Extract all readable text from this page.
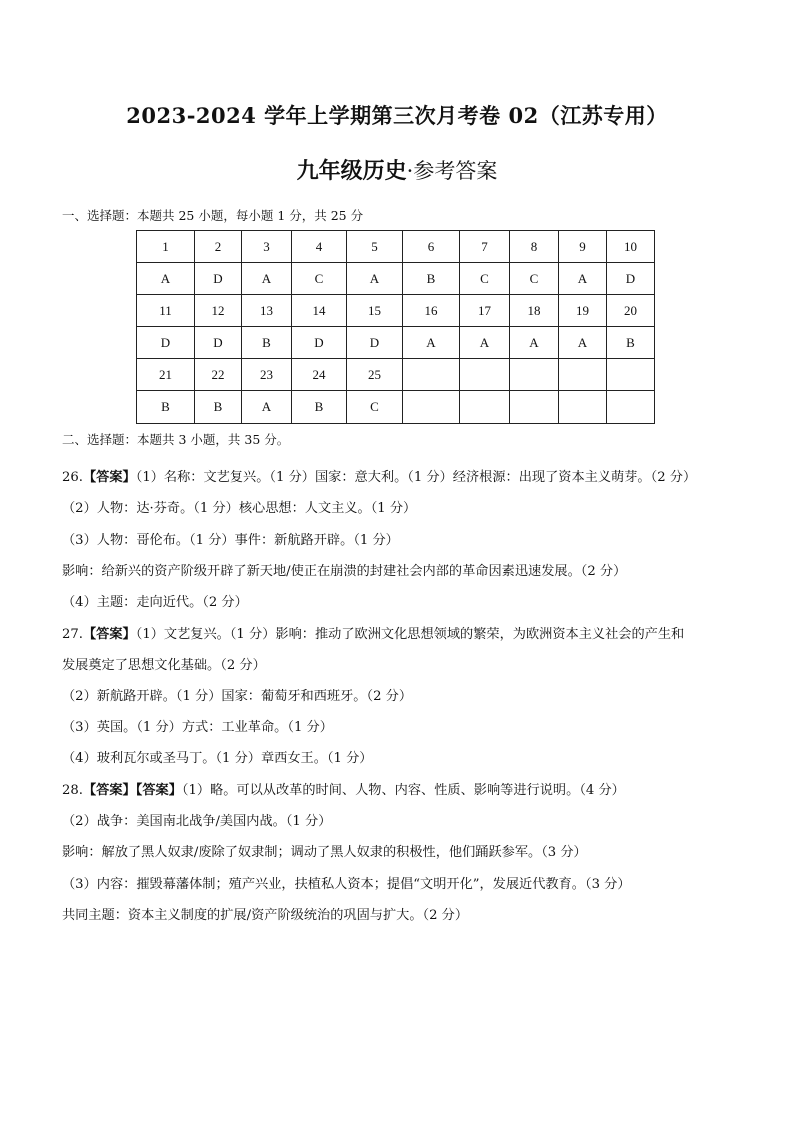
2023-2024 学年上学期第三次月考卷 02（江苏专用）
九年级历史·参考答案
一、选择题：本题共 25 小题，每小题 1 分，共 25 分
1	2	3	4	5	6	7	8	9	10
A	D	A	C	A	B	C	C	A	D
11	12	13	14	15	16	17	18	19	20
D	D	B	D	D	A	A	A	A	B
21	22	23	24	25					
B	B	A	B	C					
二、选择题：本题共 3 小题，共 35 分。
26.【答案】（1）名称：文艺复兴。（1 分）国家：意大利。（1 分）经济根源：出现了资本主义萌芽。（2 分）
（2）人物：达·芬奇。（1 分）核心思想：人文主义。（1 分）
（3）人物：哥伦布。（1 分）事件：新航路开辟。（1 分）
影响：给新兴的资产阶级开辟了新天地/使正在崩溃的封建社会内部的革命因素迅速发展。（2 分）
（4）主题：走向近代。（2 分）
27.【答案】（1）文艺复兴。（1 分）影响：推动了欧洲文化思想领域的繁荣，为欧洲资本主义社会的产生和
发展奠定了思想文化基础。（2 分）
（2）新航路开辟。（1 分）国家：葡萄牙和西班牙。（2 分）
（3）英国。（1 分）方式：工业革命。（1 分）
（4）玻利瓦尔或圣马丁。（1 分）章西女王。（1 分）
28.【答案】【答案】（1）略。可以从改革的时间、人物、内容、性质、影响等进行说明。（4 分）
（2）战争：美国南北战争/美国内战。（1 分）
影响：解放了黑人奴隶/废除了奴隶制；调动了黑人奴隶的积极性，他们踊跃参军。（3 分）
（3）内容：摧毁幕藩体制；殖产兴业，扶植私人资本；提倡“文明开化”，发展近代教育。（3 分）
共同主题：资本主义制度的扩展/资产阶级统治的巩固与扩大。（2 分）
